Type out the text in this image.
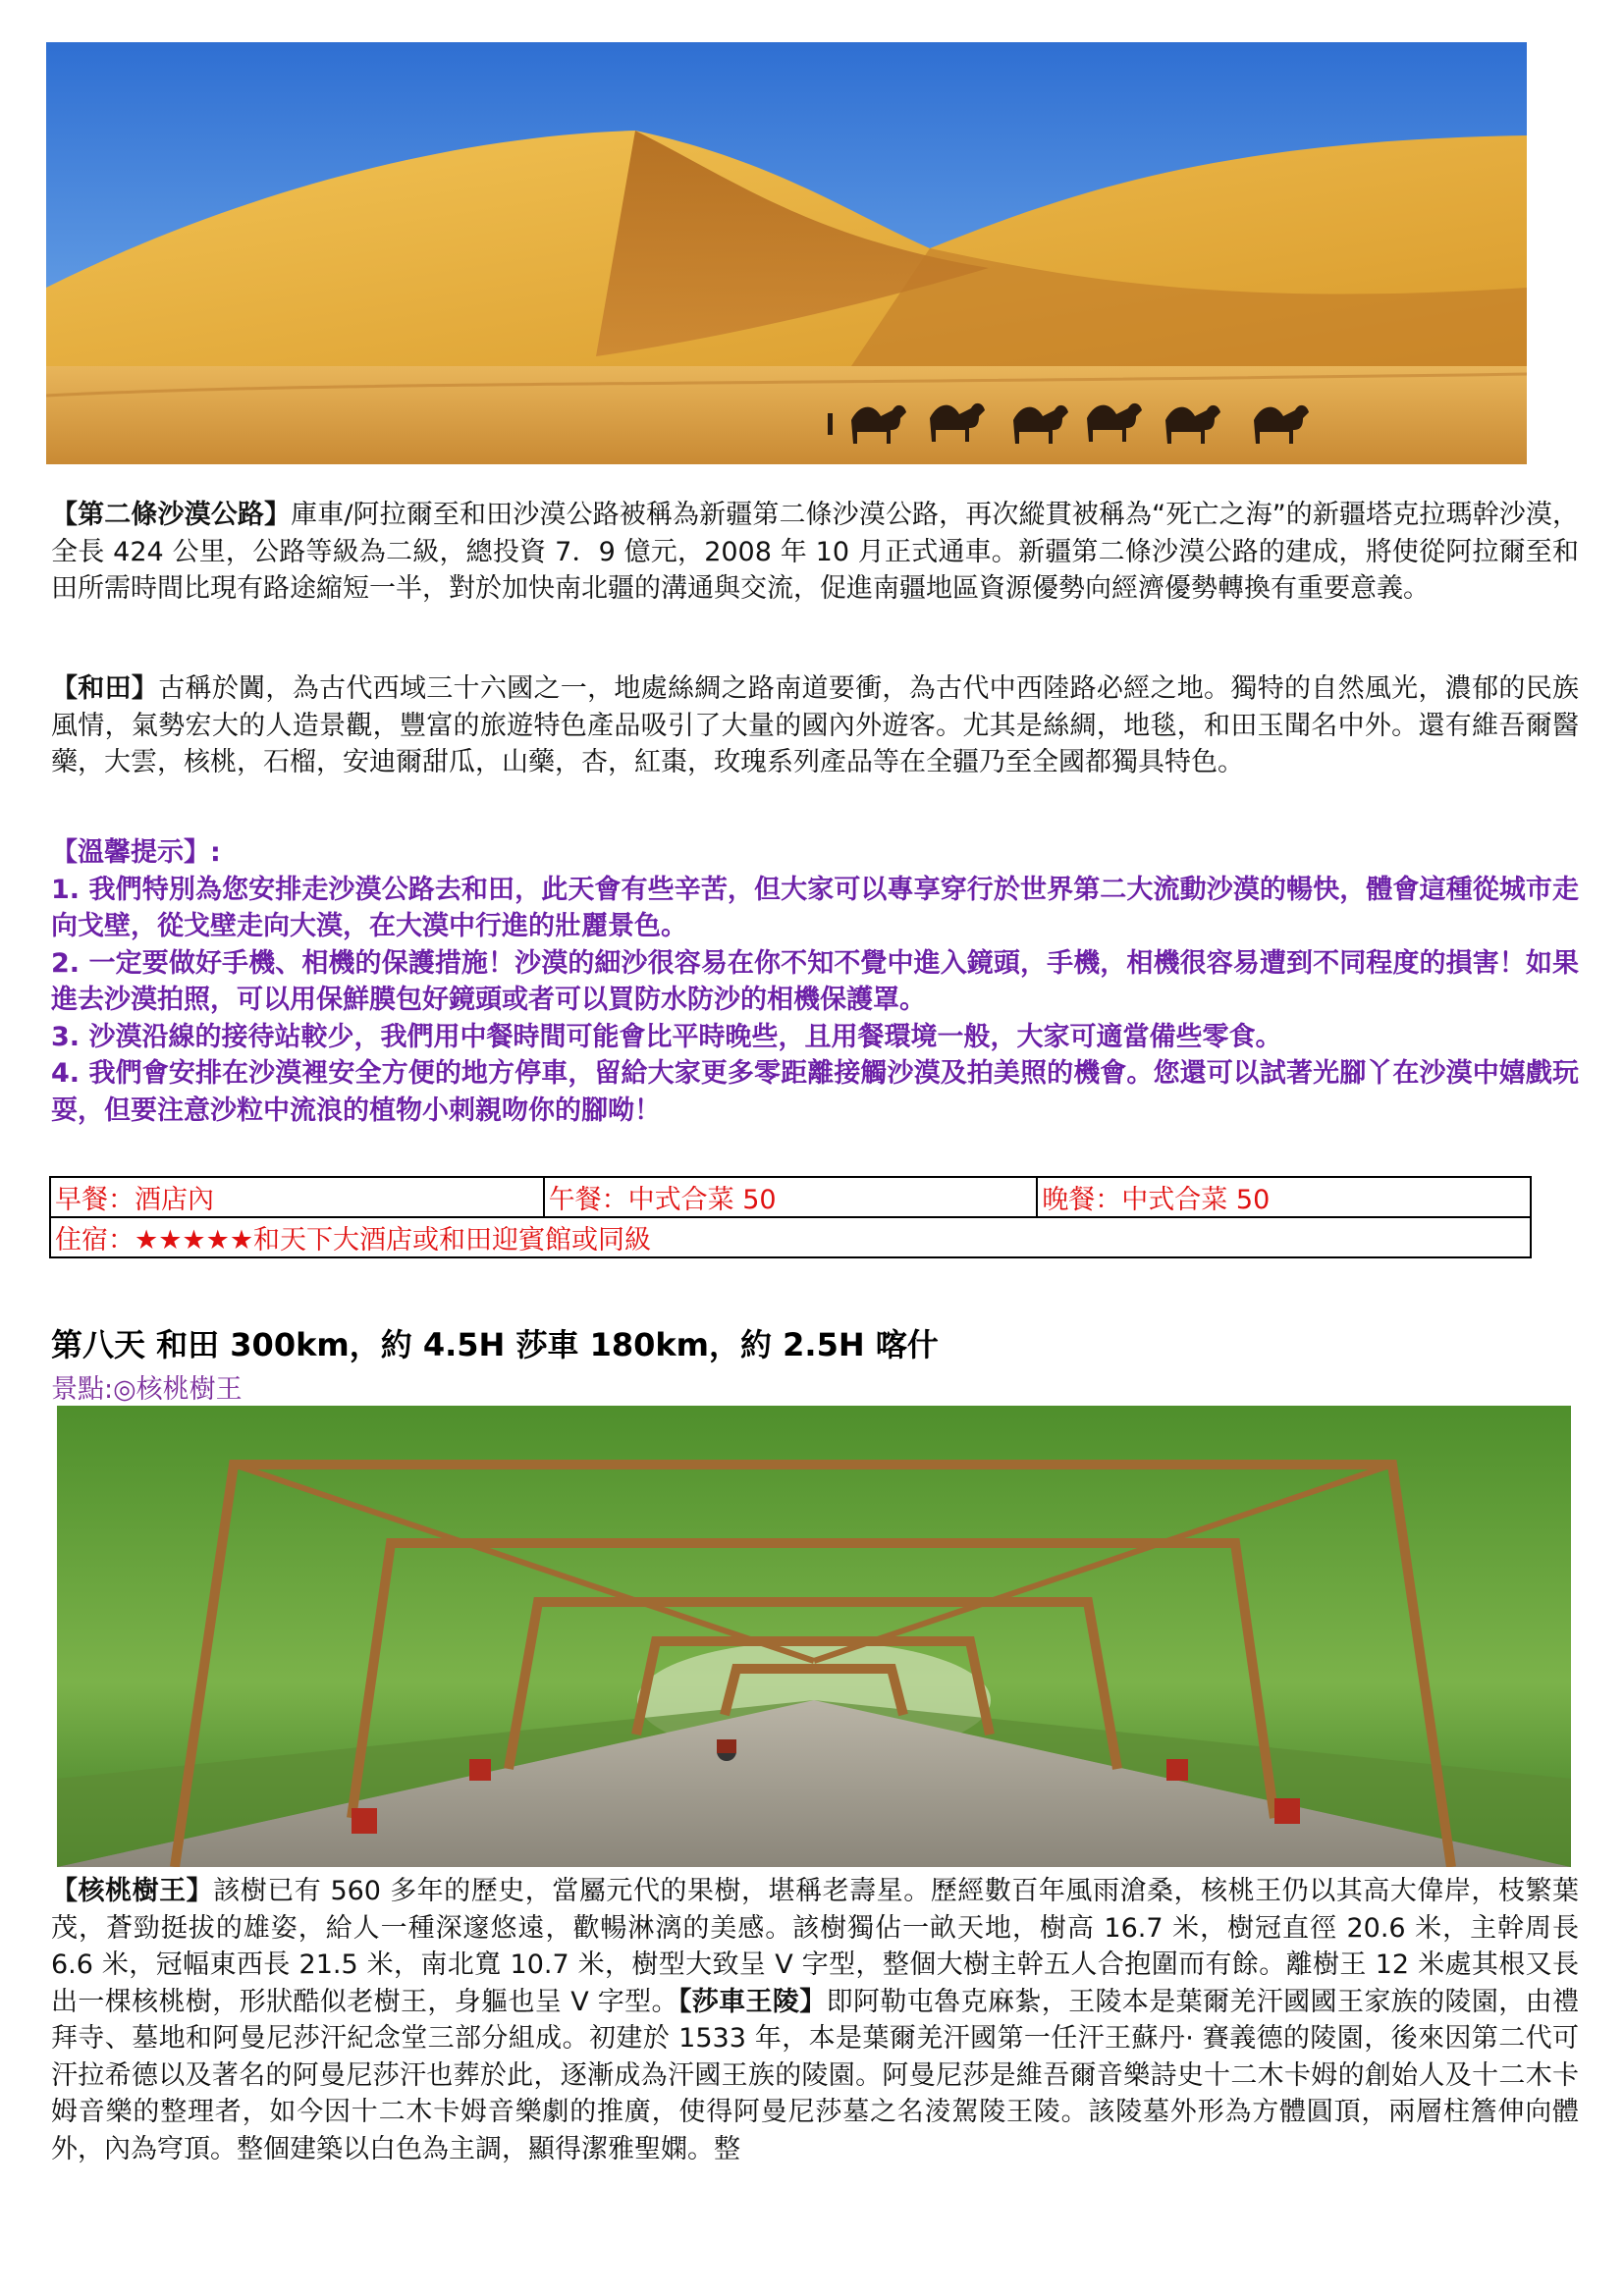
【第二條沙漠公路】庫車/阿拉爾至和田沙漠公路被稱為新疆第二條沙漠公路，再次縱貫被稱為“死亡之海”的新疆塔克拉瑪幹沙漠，全長 424 公里，公路等級為二級，總投資 7．9 億元，2008 年 10 月正式通車。新疆第二條沙漠公路的建成，將使從阿拉爾至和田所需時間比現有路途縮短一半，對於加快南北疆的溝通與交流，促進南疆地區資源優勢向經濟優勢轉換有重要意義。

【和田】古稱於闐，為古代西域三十六國之一，地處絲綢之路南道要衝，為古代中西陸路必經之地。獨特的自然風光，濃郁的民族風情，氣勢宏大的人造景觀，豐富的旅遊特色產品吸引了大量的國內外遊客。尤其是絲綢，地毯，和田玉聞名中外。還有維吾爾醫藥，大雲，核桃，石榴，安迪爾甜瓜，山藥，杏，紅棗，玫瑰系列產品等在全疆乃至全國都獨具特色。

【溫馨提示】:
1. 我們特別為您安排走沙漠公路去和田，此天會有些辛苦，但大家可以專享穿行於世界第二大流動沙漠的暢快，體會這種從城市走向戈壁，從戈壁走向大漠，在大漠中行進的壯麗景色。
2. 一定要做好手機、相機的保護措施！沙漠的細沙很容易在你不知不覺中進入鏡頭，手機，相機很容易遭到不同程度的損害！如果進去沙漠拍照，可以用保鮮膜包好鏡頭或者可以買防水防沙的相機保護罩。
3. 沙漠沿線的接待站較少，我們用中餐時間可能會比平時晚些，且用餐環境一般，大家可適當備些零食。
4. 我們會安排在沙漠裡安全方便的地方停車，留給大家更多零距離接觸沙漠及拍美照的機會。您還可以試著光腳丫在沙漠中嬉戲玩耍，但要注意沙粒中流浪的植物小刺親吻你的腳呦！
早餐：酒店內	午餐：中式合菜 50	晚餐：中式合菜 50
住宿：★★★★★和天下大酒店或和田迎賓館或同級
第八天 和田 300km，約 4.5H 莎車 180km，約 2.5H 喀什
景點:◎核桃樹王

【核桃樹王】該樹已有 560 多年的歷史，當屬元代的果樹，堪稱老壽星。歷經數百年風雨滄桑，核桃王仍以其高大偉岸，枝繁葉茂，蒼勁挺拔的雄姿，給人一種深邃悠遠，歡暢淋漓的美感。該樹獨佔一畝天地，樹高 16.7 米，樹冠直徑 20.6 米，主幹周長 6.6 米，冠幅東西長 21.5 米，南北寬 10.7 米，樹型大致呈 V 字型，整個大樹主幹五人合抱圍而有餘。離樹王 12 米處其根又長出一棵核桃樹，形狀酷似老樹王，身軀也呈 V 字型。【莎車王陵】即阿勒屯魯克麻紮，王陵本是葉爾羌汗國國王家族的陵園，由禮拜寺、墓地和阿曼尼莎汗紀念堂三部分組成。初建於 1533 年，本是葉爾羌汗國第一任汗王蘇丹· 賽義德的陵園，後來因第二代可汗拉希德以及著名的阿曼尼莎汗也葬於此，逐漸成為汗國王族的陵園。阿曼尼莎是維吾爾音樂詩史十二木卡姆的創始人及十二木卡姆音樂的整理者，如今因十二木卡姆音樂劇的推廣，使得阿曼尼莎墓之名淩駕陵王陵。該陵墓外形為方體圓頂，兩層柱簷伸向體外，內為穹頂。整個建築以白色為主調，顯得潔雅聖嫻。整
